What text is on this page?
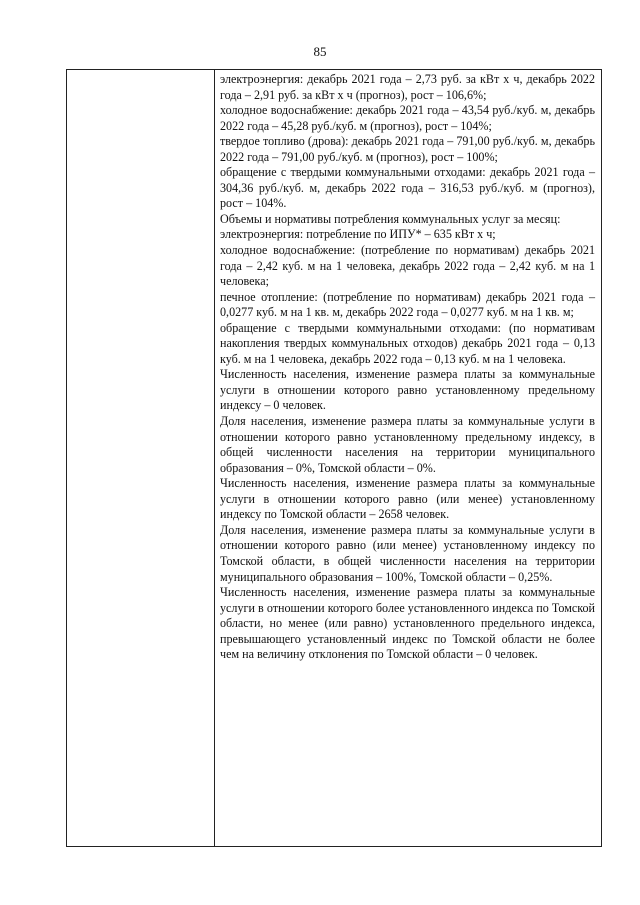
85

электроэнергия: декабрь 2021 года – 2,73 руб. за кВт х ч, декабрь 2022 года – 2,91 руб. за кВт х ч (прогноз), рост – 106,6%;

холодное водоснабжение: декабрь 2021 года – 43,54 руб./куб. м, декабрь 2022 года – 45,28 руб./куб. м (прогноз), рост – 104%;

твердое топливо (дрова): декабрь 2021 года – 791,00 руб./куб. м, декабрь 2022 года – 791,00 руб./куб. м (прогноз), рост – 100%;

обращение с твердыми коммунальными отходами: декабрь 2021 года – 304,36 руб./куб. м, декабрь 2022 года – 316,53 руб./куб. м (прогноз), рост – 104%.

Объемы и нормативы потребления коммунальных услуг за месяц:

электроэнергия: потребление по ИПУ* – 635 кВт х ч;

холодное водоснабжение: (потребление по нормативам) декабрь 2021 года – 2,42 куб. м на 1 человека, декабрь 2022 года – 2,42 куб. м на 1 человека;

печное отопление: (потребление по нормативам) декабрь 2021 года – 0,0277 куб. м на 1 кв. м, декабрь 2022 года – 0,0277 куб. м на 1 кв. м;

обращение с твердыми коммунальными отходами: (по нормативам накопления твердых коммунальных отходов) декабрь 2021 года – 0,13 куб. м на 1 человека, декабрь 2022 года – 0,13 куб. м на 1 человека.

Численность населения, изменение размера платы за коммунальные услуги в отношении которого равно установленному предельному индексу – 0 человек.

Доля населения, изменение размера платы за коммунальные услуги в отношении которого равно установленному предельному индексу, в общей численности населения на территории муниципального образования – 0%, Томской области – 0%.

Численность населения, изменение размера платы за коммунальные услуги в отношении которого равно (или менее) установленному индексу по Томской области – 2658 человек.

Доля населения, изменение размера платы за коммунальные услуги в отношении которого равно (или менее) установленному индексу по Томской области, в общей численности населения на территории муниципального образования – 100%, Томской области – 0,25%.

Численность населения, изменение размера платы за коммунальные услуги в отношении которого более установленного индекса по Томской области, но менее (или равно) установленного предельного индекса, превышающего установленный индекс по Томской области не более чем на величину отклонения по Томской области – 0 человек.
